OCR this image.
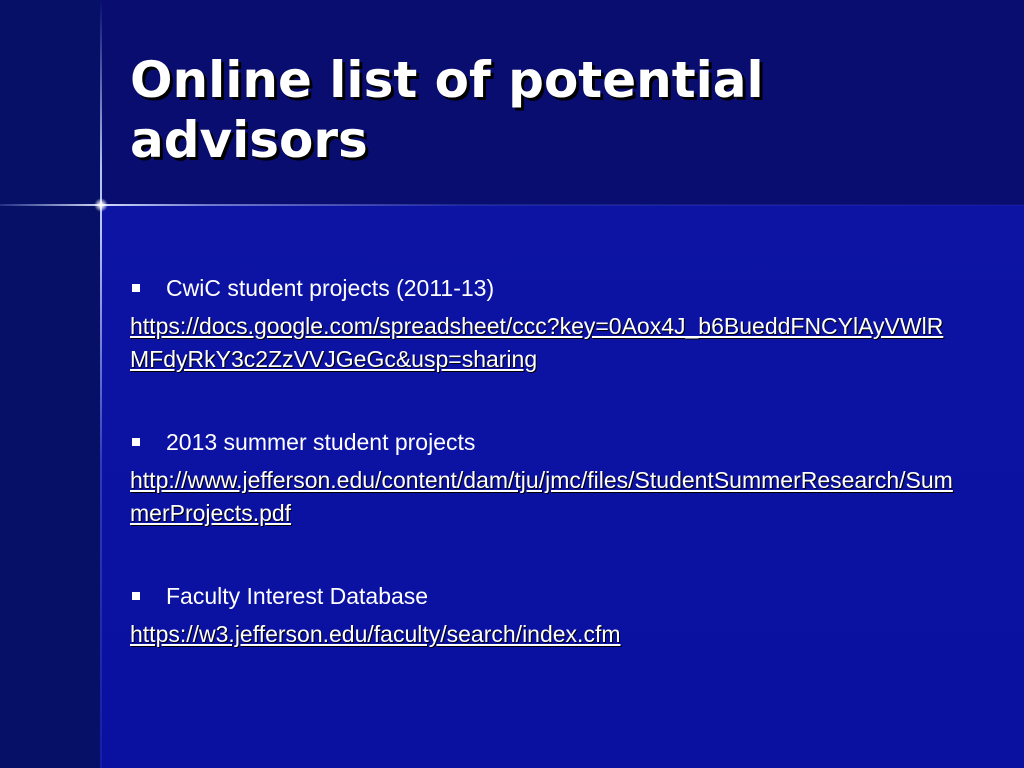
Online list of potential advisors
CwiC student projects (2011-13)
https://docs.google.com/spreadsheet/ccc?key=0Aox4J_b6BueddFNCYlAyVWlRMFdyRkY3c2ZzVVJGeGc&usp=sharing
2013 summer student projects
http://www.jefferson.edu/content/dam/tju/jmc/files/StudentSummerResearch/SummerProjects.pdf
Faculty Interest Database
https://w3.jefferson.edu/faculty/search/index.cfm
